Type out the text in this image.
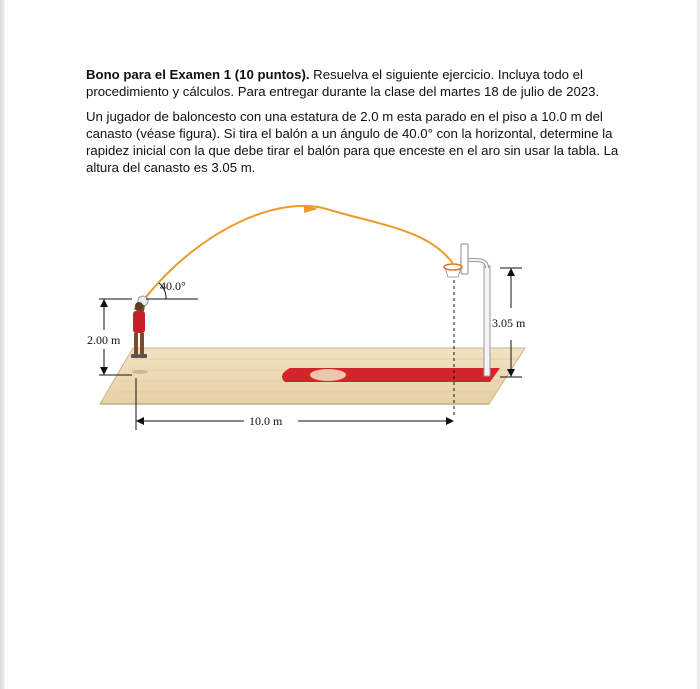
Bono para el Examen 1 (10 puntos). Resuelva el siguiente ejercicio. Incluya todo el procedimiento y cálculos. Para entregar durante la clase del martes 18 de julio de 2023.

Un jugador de baloncesto con una estatura de 2.0 m esta parado en el piso a 10.0 m del canasto (véase figura). Si tira el balón a un ángulo de 40.0° con la horizontal, determine la rapidez inicial con la que debe tirar el balón para que enceste en el aro sin usar la tabla. La altura del canasto es 3.05 m.

40.0°
2.00 m
3.05 m
10.0 m
